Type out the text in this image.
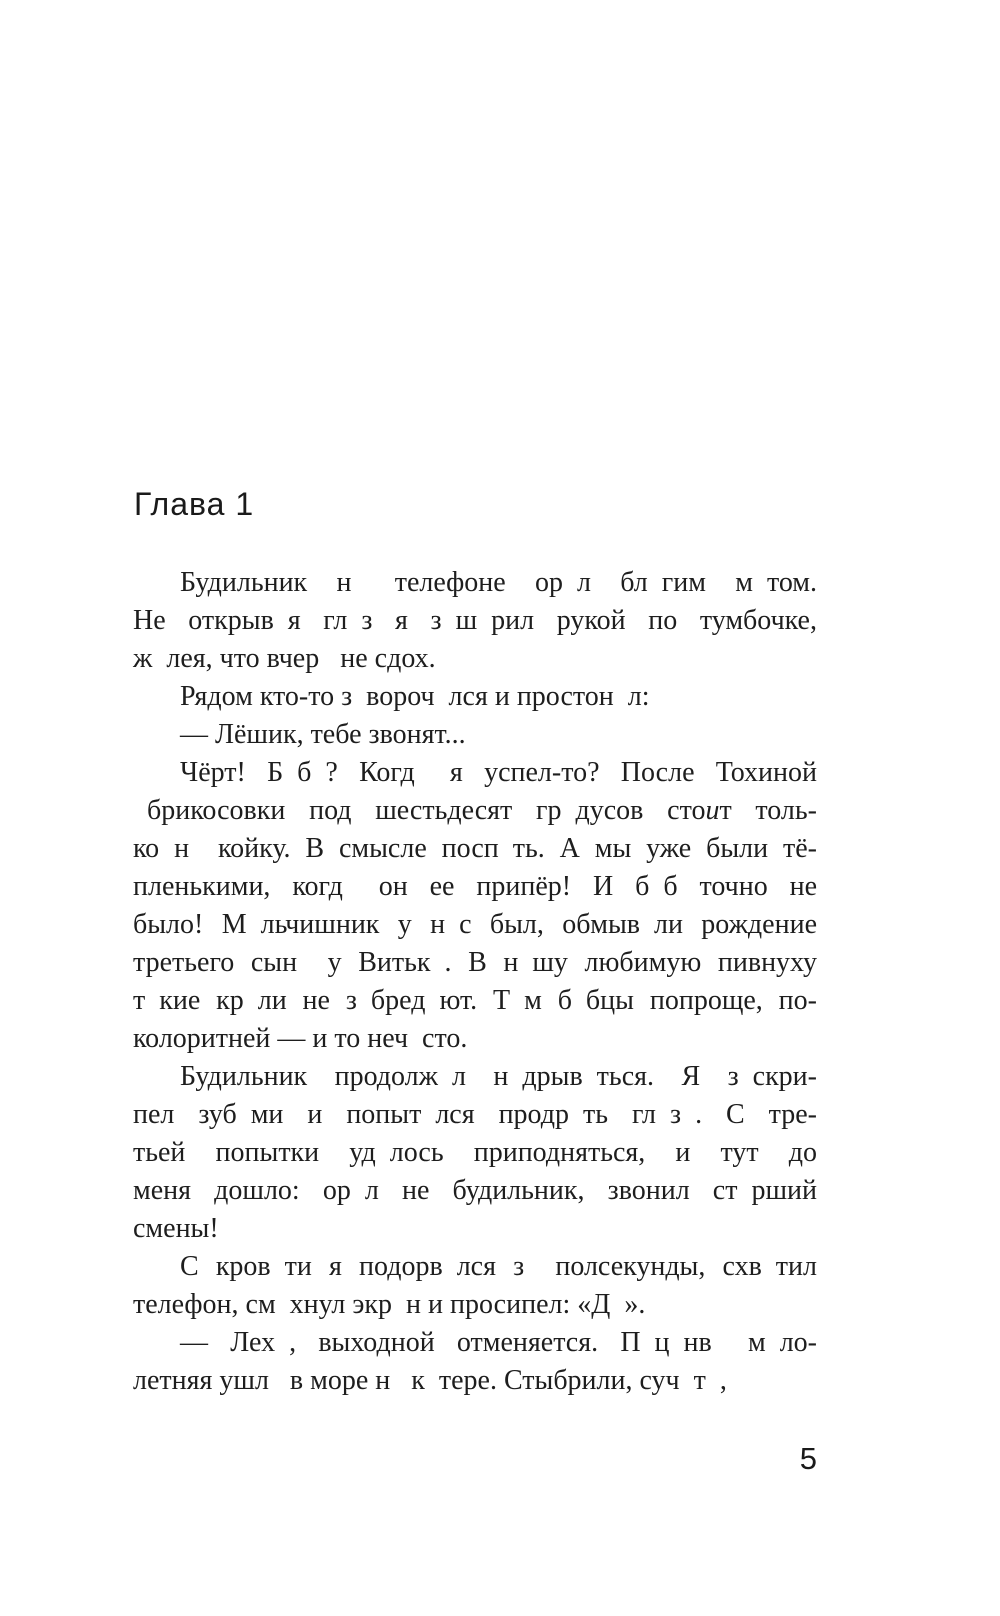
Глава 1
Будильник н  телефоне ор л бл гим м том.
Не открыв я гл з я з ш рил рукой по тумбочке,
ж лея, что вчер  не сдох.
Рядом кто-то з вороч лся и простон л:
— Лёшик, тебе звонят...
Чёрт! Б б ? Когд  я успел-то? После Тохиной
 брикосовки под шестьдесят гр дусов стоит толь-
ко н  койку. В смысле посп ть. А мы уже были тё-
пленькими, когд  он ее припёр! И б б точно не
было! М льчишник у н с был, обмыв ли рождение
третьего сын  у Витьк . В н шу любимую пивнуху
т кие кр ли не з бред ют. Т м б бцы попроще, по-
колоритней — и то неч сто.
Будильник продолж л н дрыв ться. Я з скри-
пел зуб ми и попыт лся продр ть гл з . С тре-
тьей попытки уд лось приподняться, и тут до
меня дошло: ор л не будильник, звонил ст рший
смены!
С кров ти я подорв лся з  полсекунды, схв тил
телефон, см хнул экр н и просипел: «Д ».
— Лех , выходной отменяется. П ц нв  м ло-
летняя ушл  в море н  к тере. Стыбрили, суч т ,
5
